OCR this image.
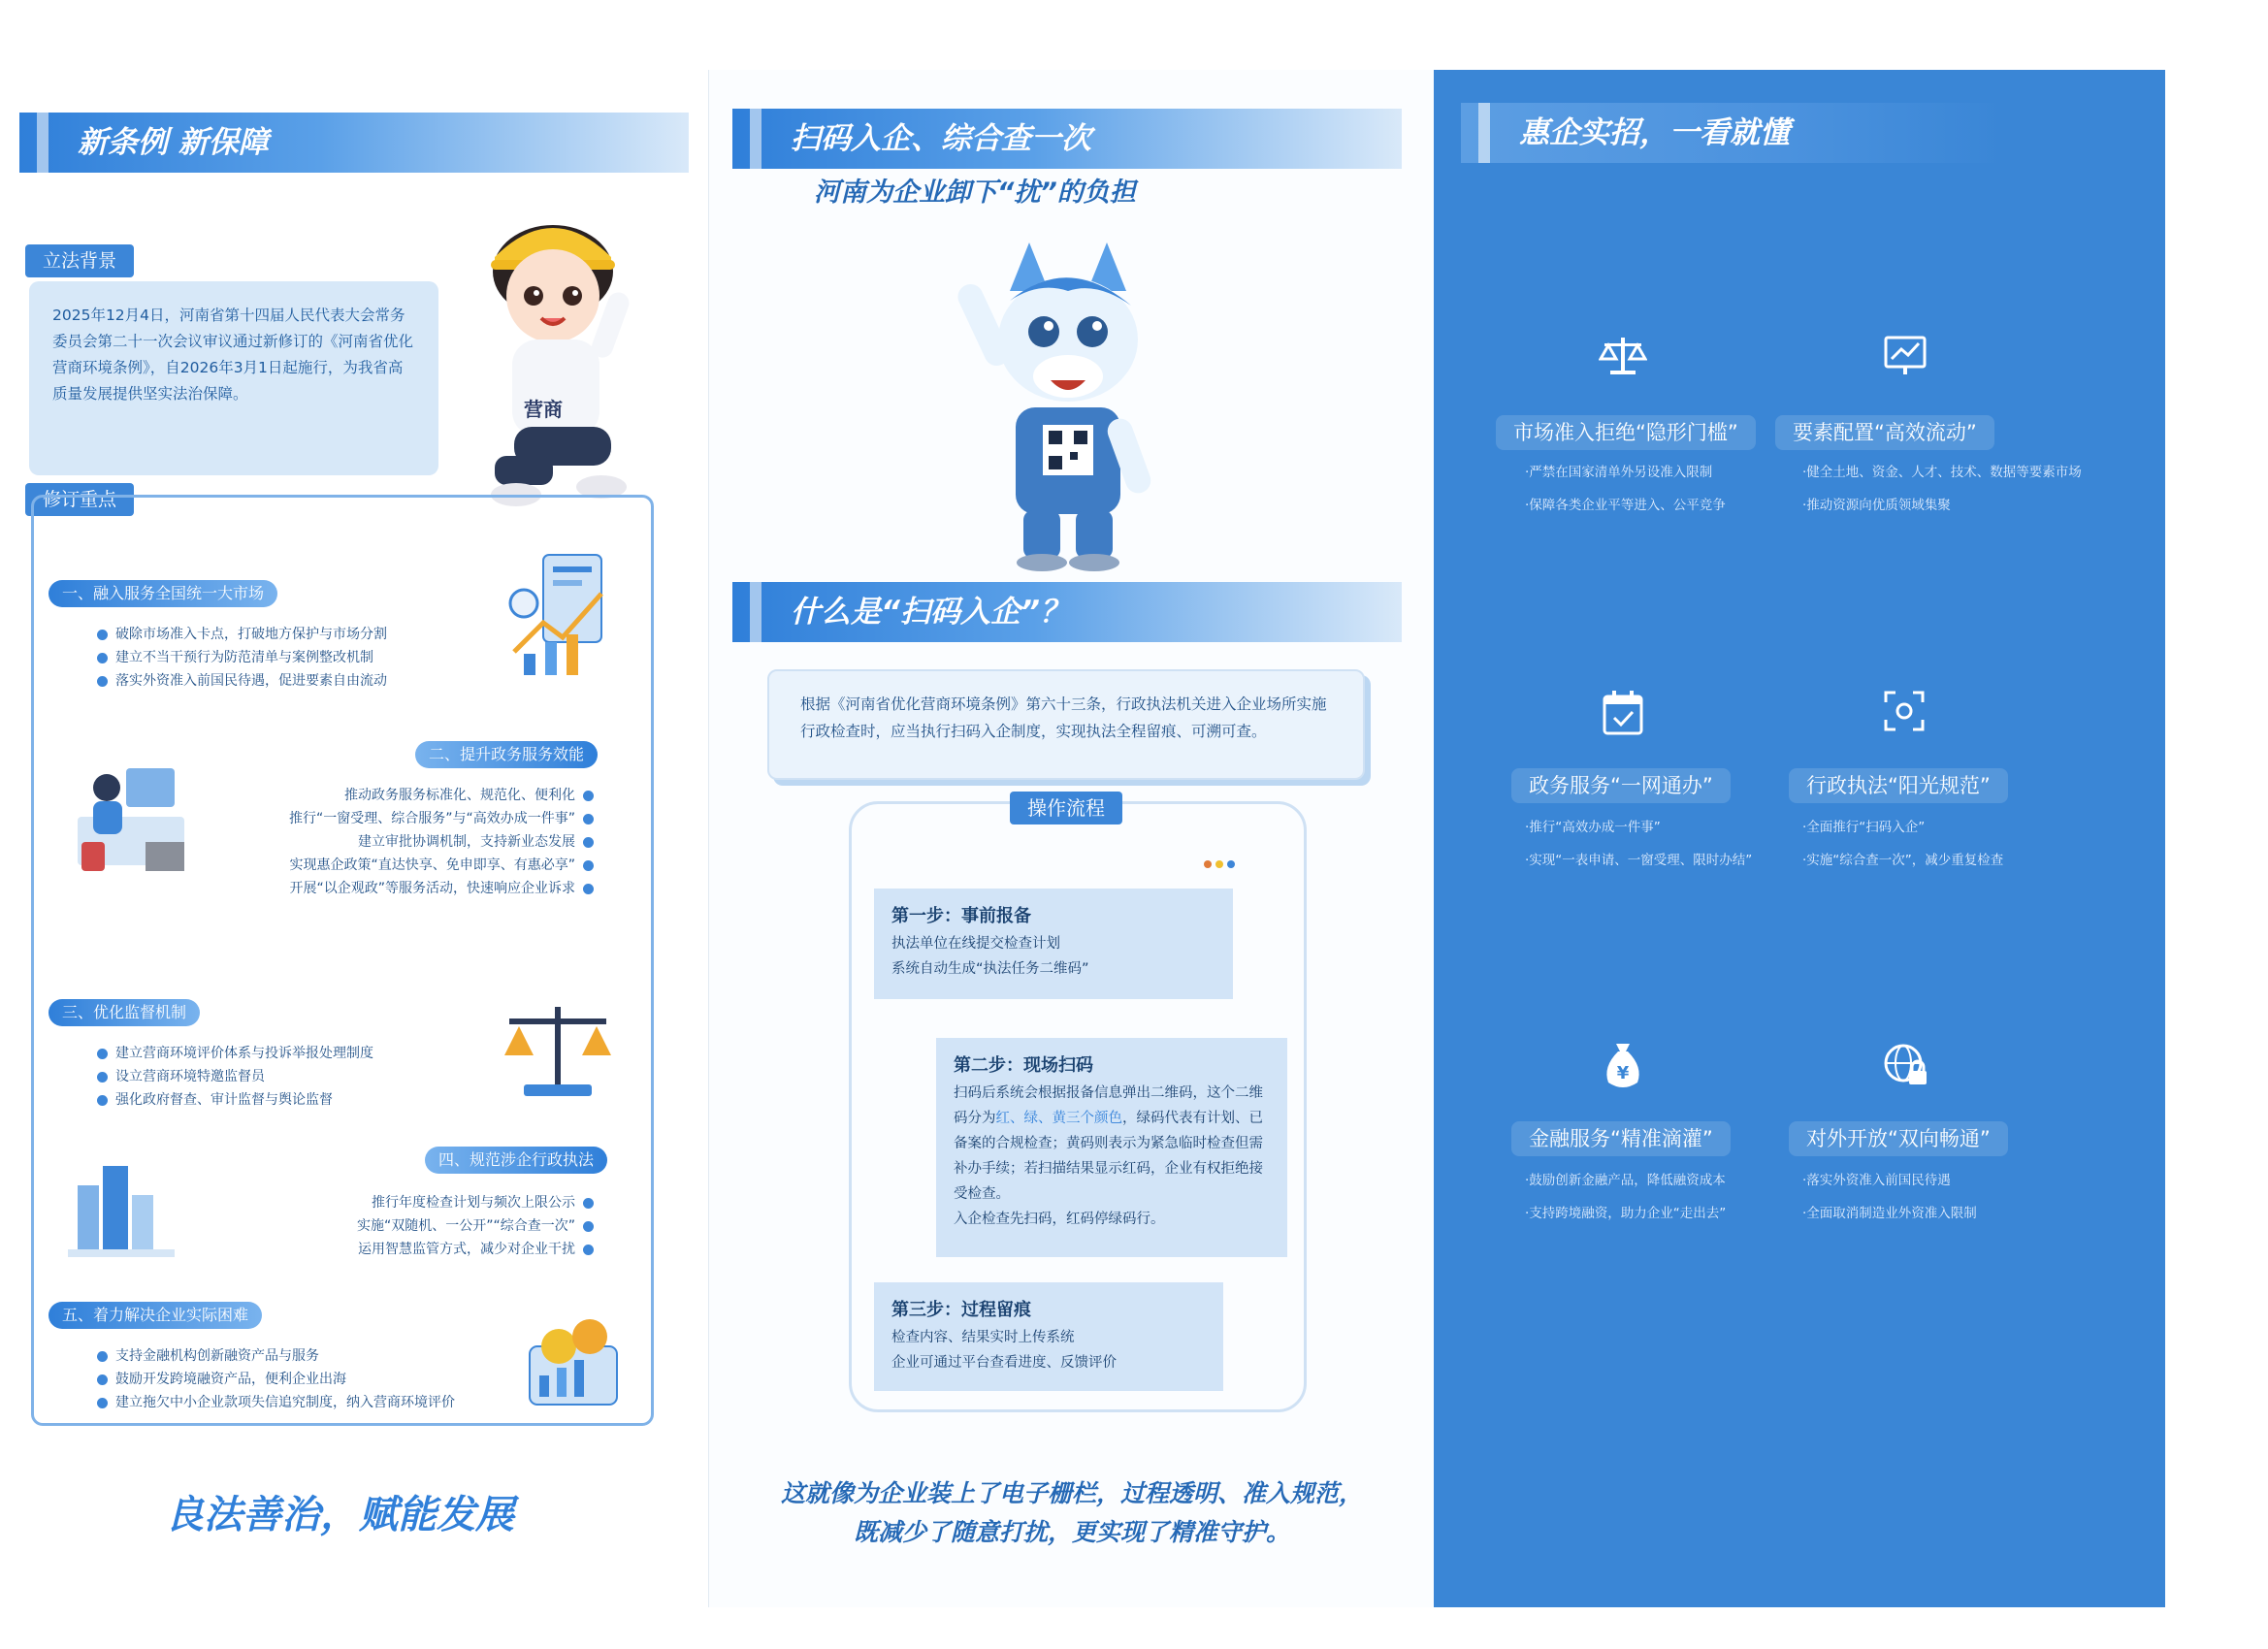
新条例 新保障
立法背景
2025年12月4日，河南省第十四届人民代表大会常务委员会第二十一次会议审议通过新修订的《河南省优化营商环境条例》，自2026年3月1日起施行，为我省高质量发展提供坚实法治保障。
营商
修订重点
一、融入服务全国统一大市场
破除市场准入卡点，打破地方保护与市场分割
建立不当干预行为防范清单与案例整改机制
落实外资准入前国民待遇，促进要素自由流动
二、提升政务服务效能
推动政务服务标准化、规范化、便利化
推行“一窗受理、综合服务”与“高效办成一件事”
建立审批协调机制，支持新业态发展
实现惠企政策“直达快享、免申即享、有惠必享”
开展“以企观政”等服务活动，快速响应企业诉求
三、优化监督机制
建立营商环境评价体系与投诉举报处理制度
设立营商环境特邀监督员
强化政府督查、审计监督与舆论监督
四、规范涉企行政执法
推行年度检查计划与频次上限公示
实施“双随机、一公开”“综合查一次”
运用智慧监管方式，减少对企业干扰
五、着力解决企业实际困难
支持金融机构创新融资产品与服务
鼓励开发跨境融资产品，便利企业出海
建立拖欠中小企业款项失信追究制度，纳入营商环境评价
良法善治，赋能发展
扫码入企、综合查一次
河南为企业卸下“扰”的负担
什么是“扫码入企”？
根据《河南省优化营商环境条例》第六十三条，行政执法机关进入企业场所实施行政检查时，应当执行扫码入企制度，实现执法全程留痕、可溯可查。
操作流程
第一步：事前报备
执法单位在线提交检查计划
系统自动生成“执法任务二维码”
第二步：现场扫码
扫码后系统会根据报备信息弹出二维码，这个二维码分为红、绿、黄三个颜色，绿码代表有计划、已备案的合规检查；黄码则表示为紧急临时检查但需补办手续；若扫描结果显示红码，企业有权拒绝接受检查。
入企检查先扫码，红码停绿码行。
第三步：过程留痕
检查内容、结果实时上传系统
企业可通过平台查看进度、反馈评价
这就像为企业装上了电子栅栏，过程透明、准入规范，
既减少了随意打扰，更实现了精准守护。
惠企实招，一看就懂
市场准入拒绝“隐形门槛”
·严禁在国家清单外另设准入限制
·保障各类企业平等进入、公平竞争
要素配置“高效流动”
·健全土地、资金、人才、技术、数据等要素市场
·推动资源向优质领域集聚
政务服务“一网通办”
·推行“高效办成一件事”
·实现“一表申请、一窗受理、限时办结”
行政执法“阳光规范”
·全面推行“扫码入企”
·实施“综合查一次”，减少重复检查
¥
金融服务“精准滴灌”
·鼓励创新金融产品，降低融资成本
·支持跨境融资，助力企业“走出去”
对外开放“双向畅通”
·落实外资准入前国民待遇
·全面取消制造业外资准入限制
